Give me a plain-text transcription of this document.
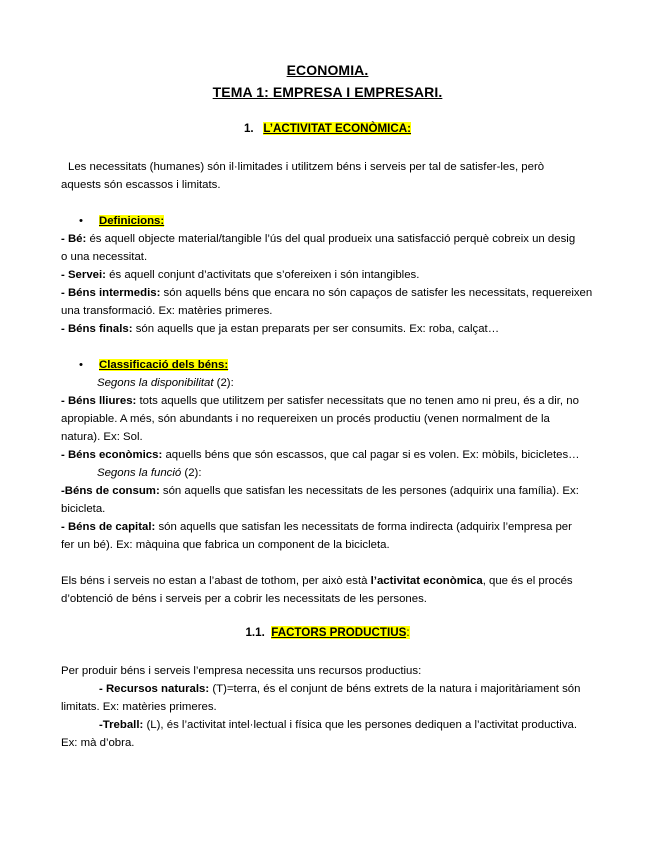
ECONOMIA.
TEMA 1: EMPRESA I EMPRESARI.
1. L’ACTIVITAT ECONÒMICA:
Les necessitats (humanes) són il·limitades i utilitzem béns i serveis per tal de satisfer-les, però
aquests són escassos i limitats.
• Definicions:
- Bé: és aquell objecte material/tangible l’ús del qual produeix una satisfacció perquè cobreix un desig
o una necessitat.
- Servei: és aquell conjunt d’activitats que s’ofereixen i són intangibles.
- Béns intermedis: són aquells béns que encara no són capaços de satisfer les necessitats, requereixen
una transformació. Ex: matèries primeres.
- Béns finals: són aquells que ja estan preparats per ser consumits. Ex: roba, calçat…
• Classificació dels béns:
Segons la disponibilitat (2):
- Béns lliures: tots aquells que utilitzem per satisfer necessitats que no tenen amo ni preu, és a dir, no
apropiable. A més, són abundants i no requereixen un procés productiu (venen normalment de la
natura). Ex: Sol.
- Béns econòmics: aquells béns que són escassos, que cal pagar si es volen. Ex: mòbils, bicicletes…
Segons la funció (2):
-Béns de consum: són aquells que satisfan les necessitats de les persones (adquirix una família). Ex:
bicicleta.
- Béns de capital: són aquells que satisfan les necessitats de forma indirecta (adquirix l’empresa per
fer un bé). Ex: màquina que fabrica un component de la bicicleta.
Els béns i serveis no estan a l’abast de tothom, per això està l’activitat econòmica, que és el procés
d’obtenció de béns i serveis per a cobrir les necessitats de les persones.
1.1. FACTORS PRODUCTIUS:
Per produir béns i serveis l’empresa necessita uns recursos productius:
- Recursos naturals: (T)=terra, és el conjunt de béns extrets de la natura i majoritàriament són
limitats. Ex: matèries primeres.
-Treball: (L), és l’activitat intel·lectual i física que les persones dediquen a l’activitat productiva.
Ex: mà d’obra.
